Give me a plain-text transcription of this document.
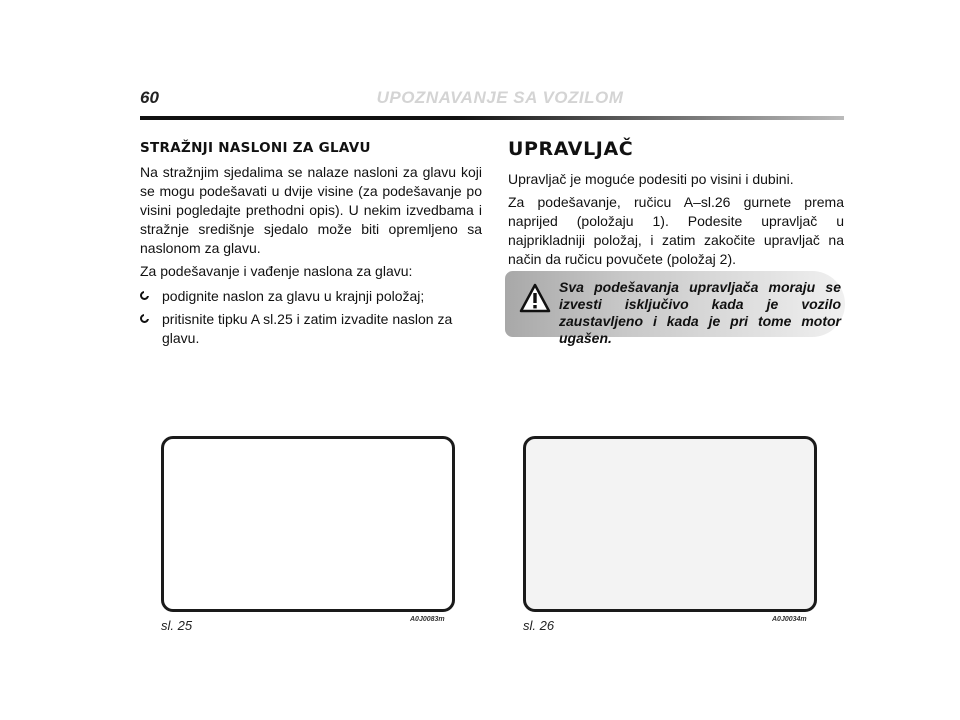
60	UPOZNAVANJE SA VOZILOM
STRAŽNJI NASLONI ZA GLAVU

Na stražnjim sjedalima se nalaze nasloni za glavu koji se mogu podešavati u dvije visine (za podešavanje po visini pogledajte prethodni opis). U nekim izvedbama i stražnje središnje sjedalo može biti opremljeno sa naslonom za glavu.

Za podešavanje i vađenje naslona za glavu:

podignite naslon za glavu u krajnji položaj;
pritisnite tipku A sl.25 i zatim izvadite naslon za glavu.
UPRAVLJAČ

Upravljač je moguće podesiti po visini i dubini.

Za podešavanje, ručicu A–sl.26 gurnete prema naprijed (položaju 1). Podesite upravljač u najprikladniji položaj, i zatim zakočite upravljač na način da ručicu povučete (položaj 2).

Sva podešavanja upravljača moraju se izvesti isključivo kada je vozilo zaustavljeno i kada je pri tome motor ugašen.
sl. 25	A0J0083m	sl. 26	A0J0034m
